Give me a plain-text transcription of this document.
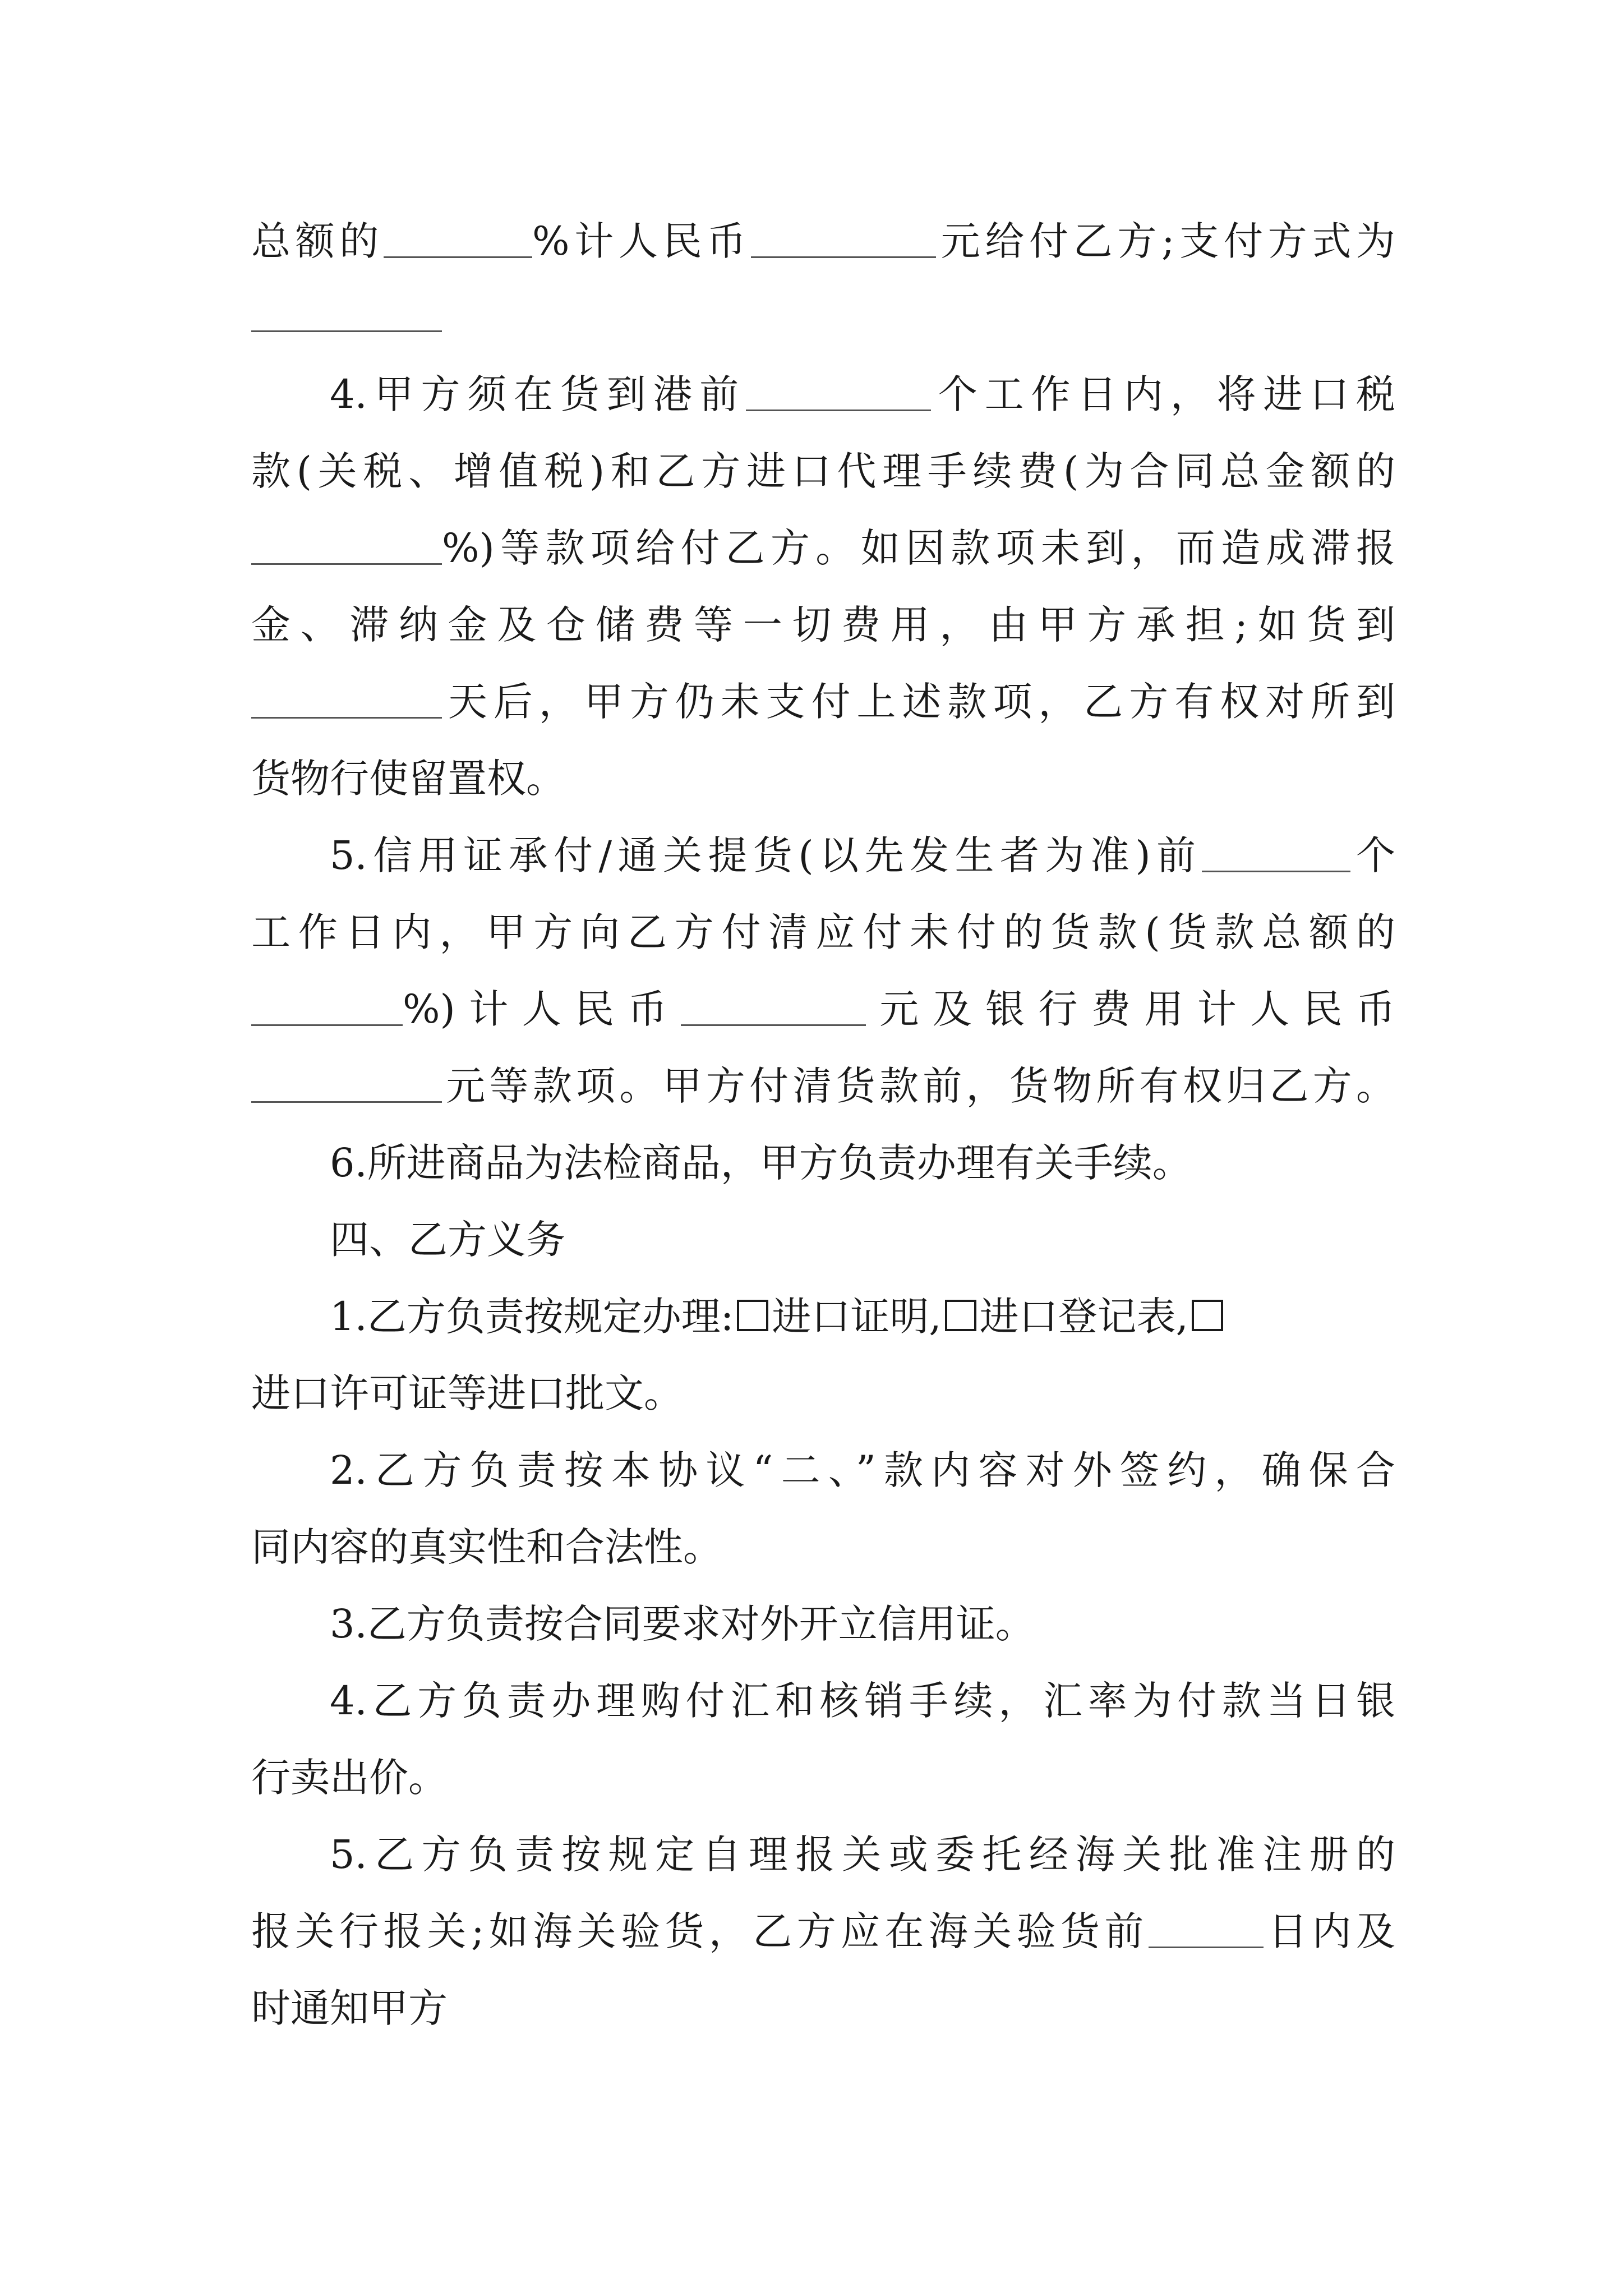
总额的	%计人民币	元给付乙方;支付方式为
4.甲方须在货到港前	个工作日内，将进口税
款(关税、增值税)和乙方进口代理手续费(为合同总金额的
%)等款项给付乙方。如因款项未到，而造成滞报
金、滞纳金及仓储费等一切费用，由甲方承担;如货到
天后，甲方仍未支付上述款项，乙方有权对所到
货物行使留置权。
5.信用证承付/通关提货(以先发生者为准)前	个
工作日内，甲方向乙方付清应付未付的货款(货款总额的
%)计人民币	元及银行费用计人民币
元等款项。甲方付清货款前，货物所有权归乙方。
6.所进商品为法检商品，甲方负责办理有关手续。
四、乙方义务
1.乙方负责按规定办理: 进口证明, 进口登记表,
进口许可证等进口批文。
2.乙方负责按本协议“二、”款内容对外签约，确保合
同内容的真实性和合法性。
3.乙方负责按合同要求对外开立信用证。
4.乙方负责办理购付汇和核销手续，汇率为付款当日银
行卖出价。
5.乙方负责按规定自理报关或委托经海关批准注册的
报关行报关;如海关验货，乙方应在海关验货前	日内及
时通知甲方
